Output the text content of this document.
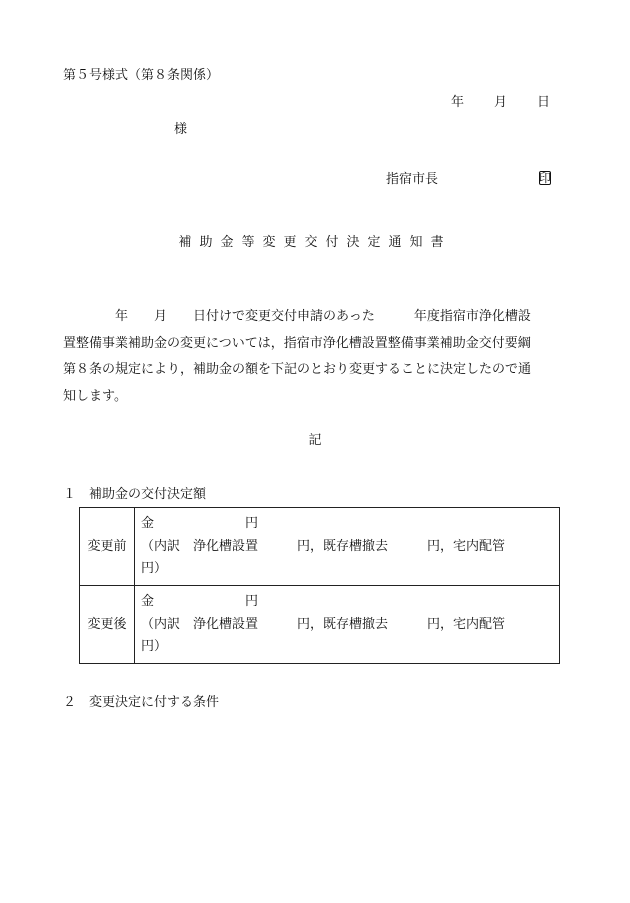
第５号様式（第８条関係）
年 月 日
様
指宿市長	印
補助金等変更交付決定通知書
　　　　年　　月　　日付けで変更交付申請のあった　　　年度指宿市浄化槽設
置整備事業補助金の変更については，指宿市浄化槽設置整備事業補助金交付要綱
第８条の規定により，補助金の額を下記のとおり変更することに決定したので通
知します。
記
１　補助金の交付決定額
変更前	金　　　　　　　円
（内訳　浄化槽設置　　　円，既存槽撤去　　　円，宅内配管
円）

変更後	金　　　　　　　円
（内訳　浄化槽設置　　　円，既存槽撤去　　　円，宅内配管
円）
２　変更決定に付する条件
